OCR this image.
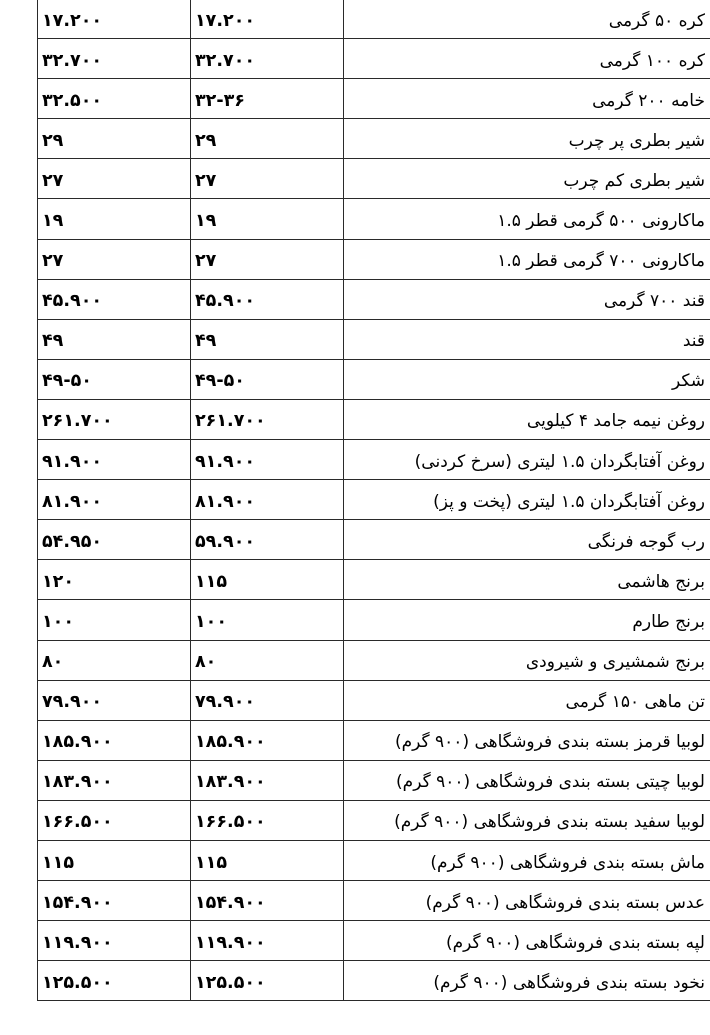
کره ۵۰ گرمی	۱۷.۲۰۰	۱۷.۲۰۰
کره ۱۰۰ گرمی	۳۲.۷۰۰	۳۲.۷۰۰
خامه ۲۰۰ گرمی	۳۲-۳۶	۳۲.۵۰۰
شیر بطری پر چرب	۲۹	۲۹
شیر بطری کم چرب	۲۷	۲۷
ماکارونی ۵۰۰ گرمی قطر ۱.۵	۱۹	۱۹
ماکارونی ۷۰۰ گرمی قطر ۱.۵	۲۷	۲۷
قند ۷۰۰ گرمی	۴۵.۹۰۰	۴۵.۹۰۰
قند	۴۹	۴۹
شکر	۴۹-۵۰	۴۹-۵۰
روغن نیمه جامد ۴ کیلویی	۲۶۱.۷۰۰	۲۶۱.۷۰۰
روغن آفتابگردان ۱.۵ لیتری (سرخ کردنی)	۹۱.۹۰۰	۹۱.۹۰۰
روغن آفتابگردان ۱.۵ لیتری (پخت و پز)	۸۱.۹۰۰	۸۱.۹۰۰
رب گوجه فرنگی	۵۹.۹۰۰	۵۴.۹۵۰
برنج هاشمی	۱۱۵	۱۲۰
برنج طارم	۱۰۰	۱۰۰
برنج شمشیری و شیرودی	۸۰	۸۰
تن ماهی ۱۵۰ گرمی	۷۹.۹۰۰	۷۹.۹۰۰
لوبیا قرمز بسته بندی فروشگاهی (۹۰۰ گرم)	۱۸۵.۹۰۰	۱۸۵.۹۰۰
لوبیا چیتی بسته بندی فروشگاهی (۹۰۰ گرم)	۱۸۳.۹۰۰	۱۸۳.۹۰۰
لوبیا سفید بسته بندی فروشگاهی (۹۰۰ گرم)	۱۶۶.۵۰۰	۱۶۶.۵۰۰
ماش بسته بندی فروشگاهی (۹۰۰ گرم)	۱۱۵	۱۱۵
عدس بسته بندی فروشگاهی (۹۰۰ گرم)	۱۵۴.۹۰۰	۱۵۴.۹۰۰
لپه بسته بندی فروشگاهی (۹۰۰ گرم)	۱۱۹.۹۰۰	۱۱۹.۹۰۰
نخود بسته بندی فروشگاهی (۹۰۰ گرم)	۱۲۵.۵۰۰	۱۲۵.۵۰۰
